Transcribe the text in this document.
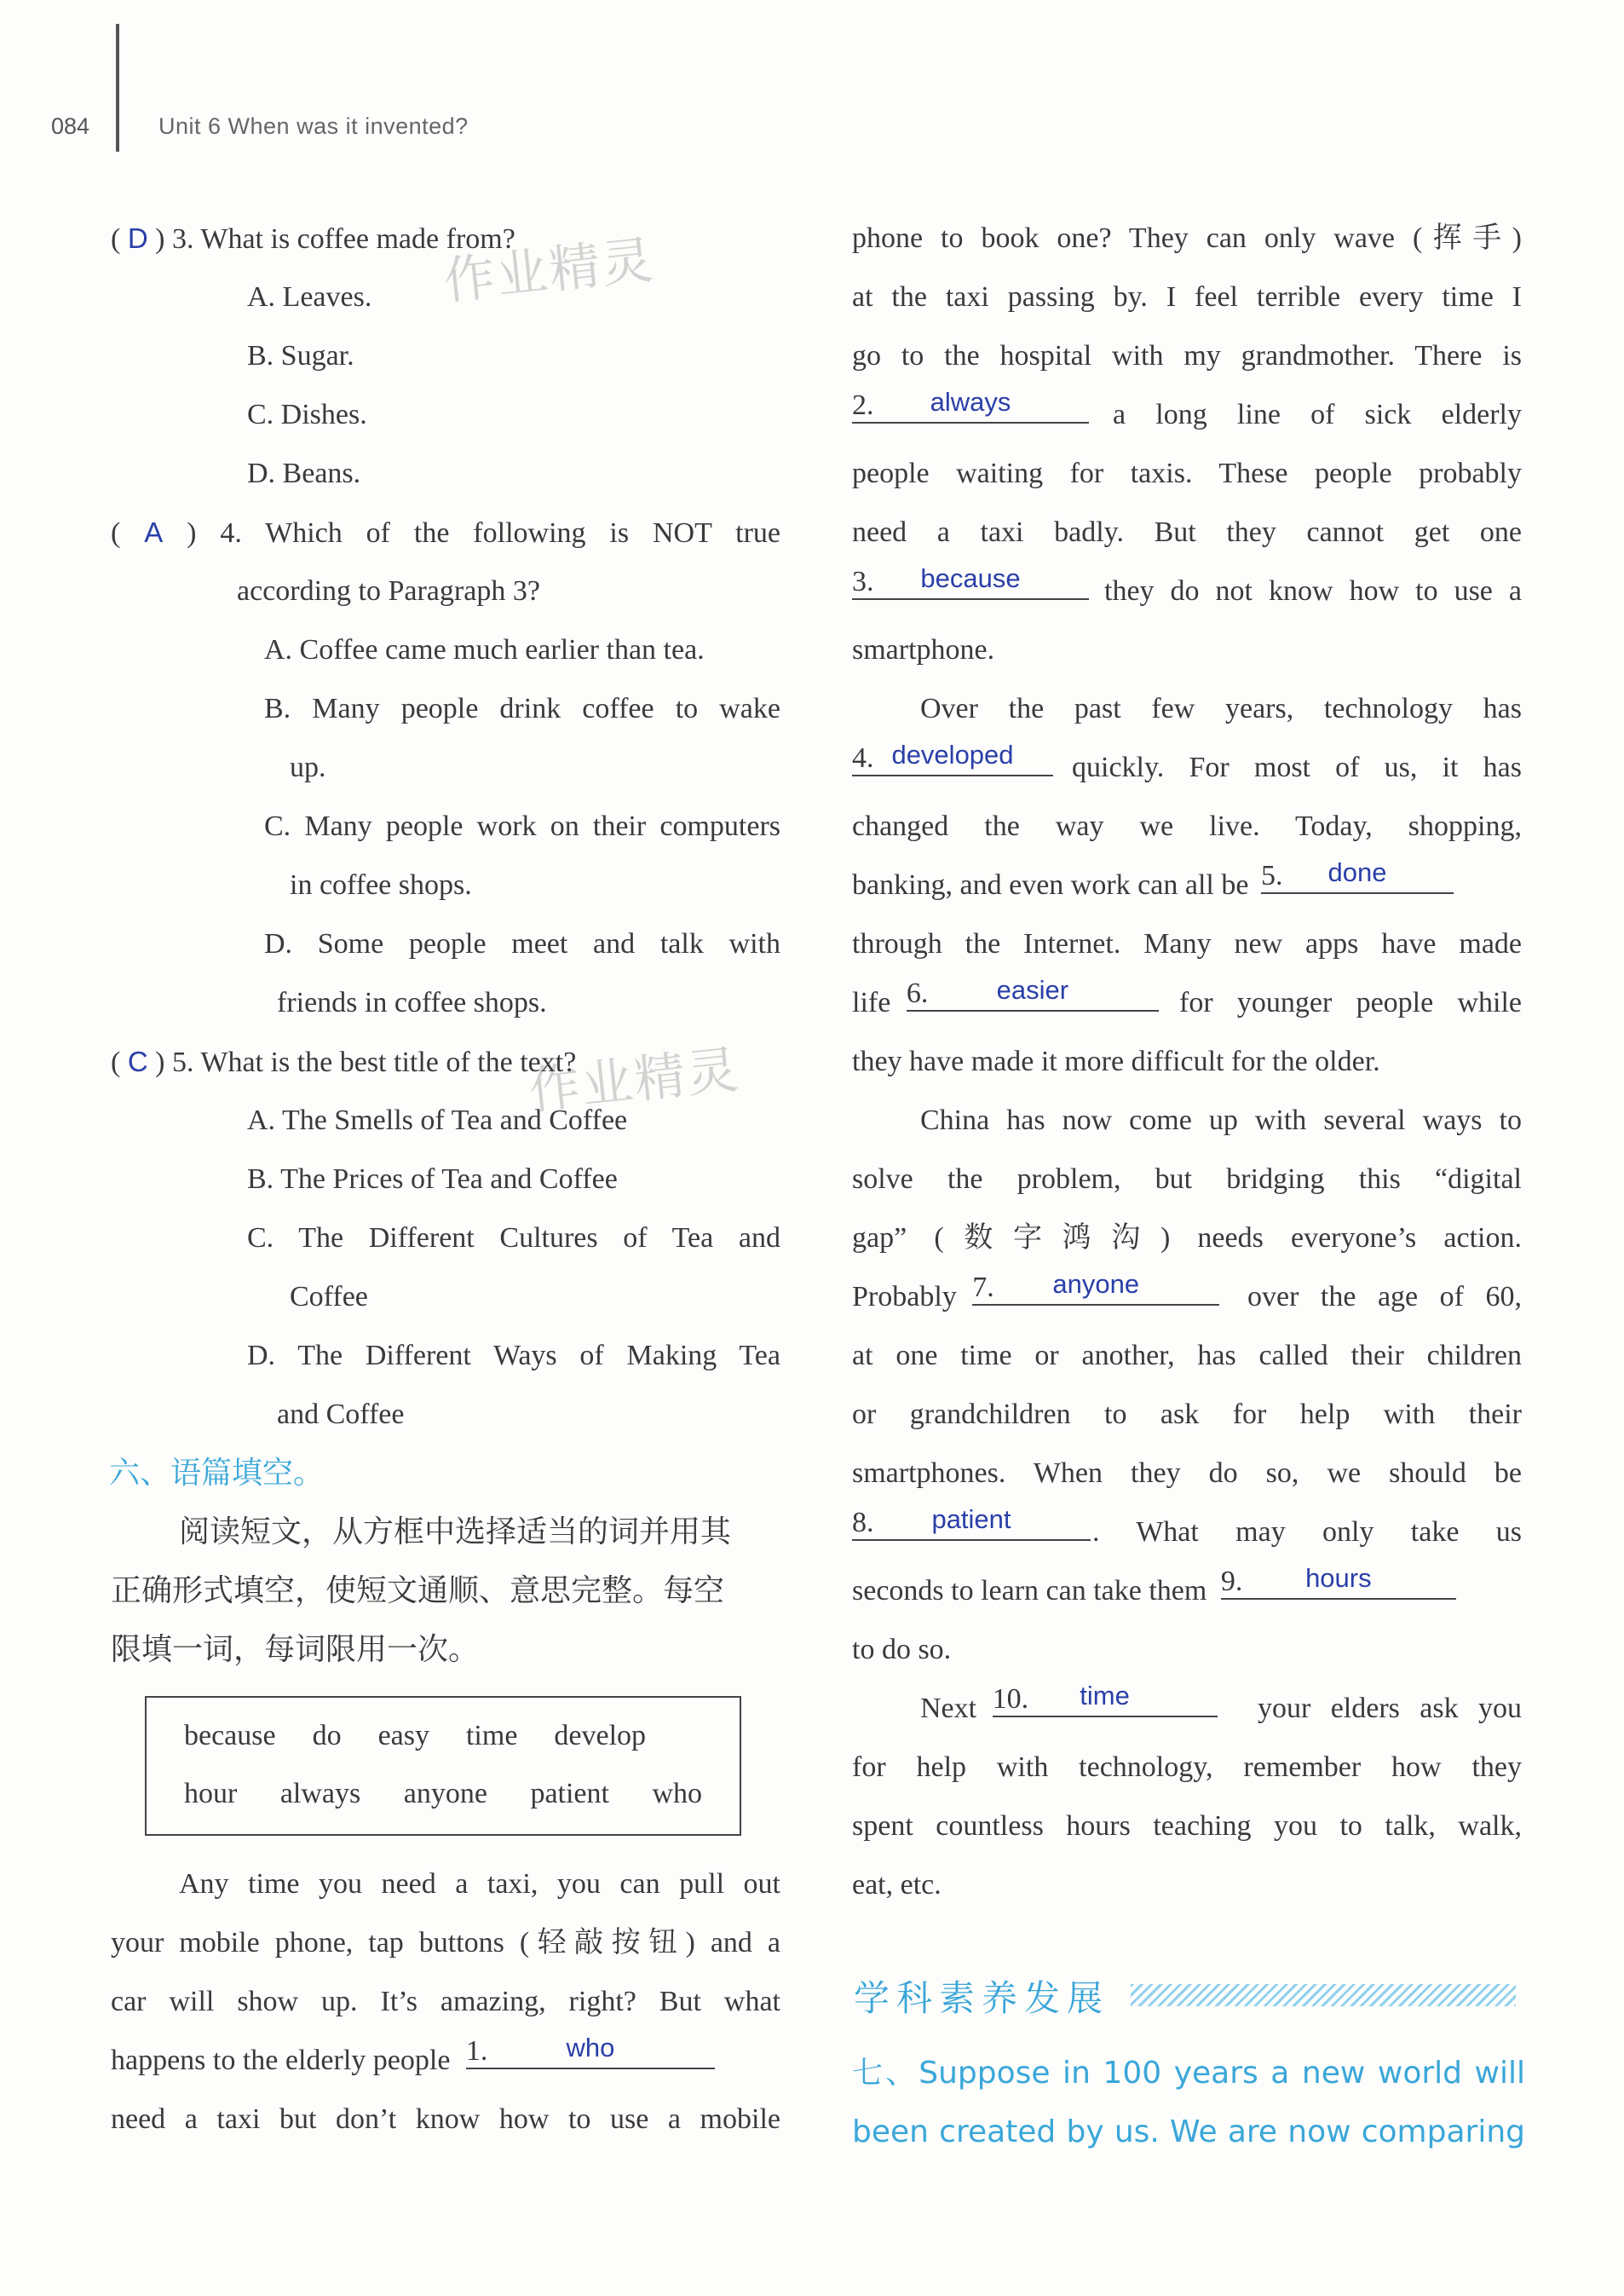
084	Unit 6 When was it invented?
作业精灵
作业精灵
( D ) 3. What is coffee made from?
A. Leaves.
B. Sugar.
C. Dishes.
D. Beans.
( A ) 4. Which of the following is NOT true
according to Paragraph 3?
A. Coffee came much earlier than tea.
B. Many people drink coffee to wake
up.
C. Many people work on their computers
in coffee shops.
D. Some people meet and talk with
friends in coffee shops.
( C ) 5. What is the best title of the text?
A. The Smells of Tea and Coffee
B. The Prices of Tea and Coffee
C. The Different Cultures of Tea and
Coffee
D. The Different Ways of Making Tea
and Coffee
六、语篇填空。
阅读短文，从方框中选择适当的词并用其
正确形式填空，使短文通顺、意思完整。每空
限填一词，每词限用一次。
because do easy time develop
hour always anyone patient who
Any time you need a taxi, you can pull out
your mobile phone, tap buttons (轻敲按钮) and a
car will show up. It’s amazing, right? But what
happens to the elderly people 1.	who
need a taxi but don’t know how to use a mobile
phone to book one? They can only wave (挥手)
at the taxi passing by. I feel terrible every time I
go to the hospital with my grandmother. There is
2.	always	a long line of sick elderly
people waiting for taxis. These people probably
need a taxi badly. But they cannot get one
3.	because	they do not know how to use a
smartphone.
Over the past few years, technology has
4. developed	quickly. For most of us, it has
changed the way we live. Today, shopping,
banking, and even work can all be 5.	done
through the Internet. Many new apps have made
life 6.	easier	for younger people while
they have made it more difficult for the older.
China has now come up with several ways to
solve the problem, but bridging this “digital
gap” (数字鸿沟) needs everyone’s action.
Probably 7.	anyone	over the age of 60,
at one time or another, has called their children
or grandchildren to ask for help with their
smartphones. When they do so, we should be
8.	patient	. What may only take us
seconds to learn can take them 9.	hours
to do so.
Next 10.	time	your elders ask you
for help with technology, remember how they
spent countless hours teaching you to talk, walk,
eat, etc.
学科素养发展
七、Suppose in 100 years a new world will
been created by us. We are now comparing
